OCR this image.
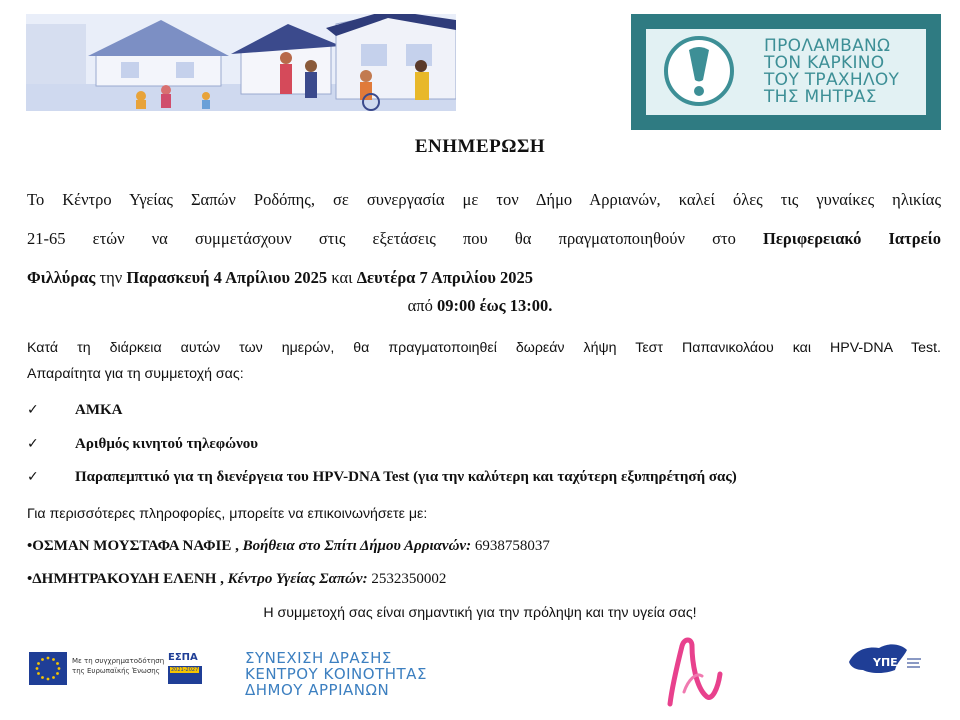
ΠΡΟΛΑΜΒΑΝΩ
ΤΟΝ ΚΑΡΚΙΝΟ
ΤΟΥ ΤΡΑΧΗΛΟΥ
ΤΗΣ ΜΗΤΡΑΣ
ΕΝΗΜΕΡΩΣΗ
Το Κέντρο Υγείας Σαπών Ροδόπης, σε συνεργασία με τον Δήμο Αρριανών, καλεί όλες τις γυναίκες ηλικίας
21-65 ετών να συμμετάσχουν στις εξετάσεις που θα πραγματοποιηθούν στο Περιφερειακό Ιατρείο
Φιλλύρας την Παρασκευή 4 Απρίλιου 2025 και Δευτέρα 7 Απριλίου 2025
από 09:00 έως 13:00.
Κατά τη διάρκεια αυτών των ημερών, θα πραγματοποιηθεί δωρεάν λήψη Τεστ Παπανικολάου και HPV-DNA Test.
Απαραίτητα για τη συμμετοχή σας:
✓ ΑΜΚΑ
✓ Αριθμός κινητού τηλεφώνου
✓ Παραπεμπτικό για τη διενέργεια του HPV-DNA Test (για την καλύτερη και ταχύτερη εξυπηρέτησή σας)
Για περισσότερες πληροφορίες, μπορείτε να επικοινωνήσετε με:
•ΟΣΜΑΝ ΜΟΥΣΤΑΦΑ ΝΑΦΙΕ , Βοήθεια στο Σπίτι Δήμου Αρριανών: 6938758037
•ΔΗΜΗΤΡΑΚΟΥΔΗ ΕΛΕΝΗ , Κέντρο Υγείας Σαπών: 2532350002
Η συμμετοχή σας είναι σημαντική για την πρόληψη και την υγεία σας!
Με τη συγχρηματοδότηση
της Ευρωπαϊκής Ένωσης
ΕΣΠΑ
2021-2027
ΣΥΝΕΧΙΣΗ ΔΡΑΣΗΣ
ΚΕΝΤΡΟΥ ΚΟΙΝΟΤΗΤΑΣ
ΔΗΜΟΥ ΑΡΡΙΑΝΩΝ
ΥΠΕ
